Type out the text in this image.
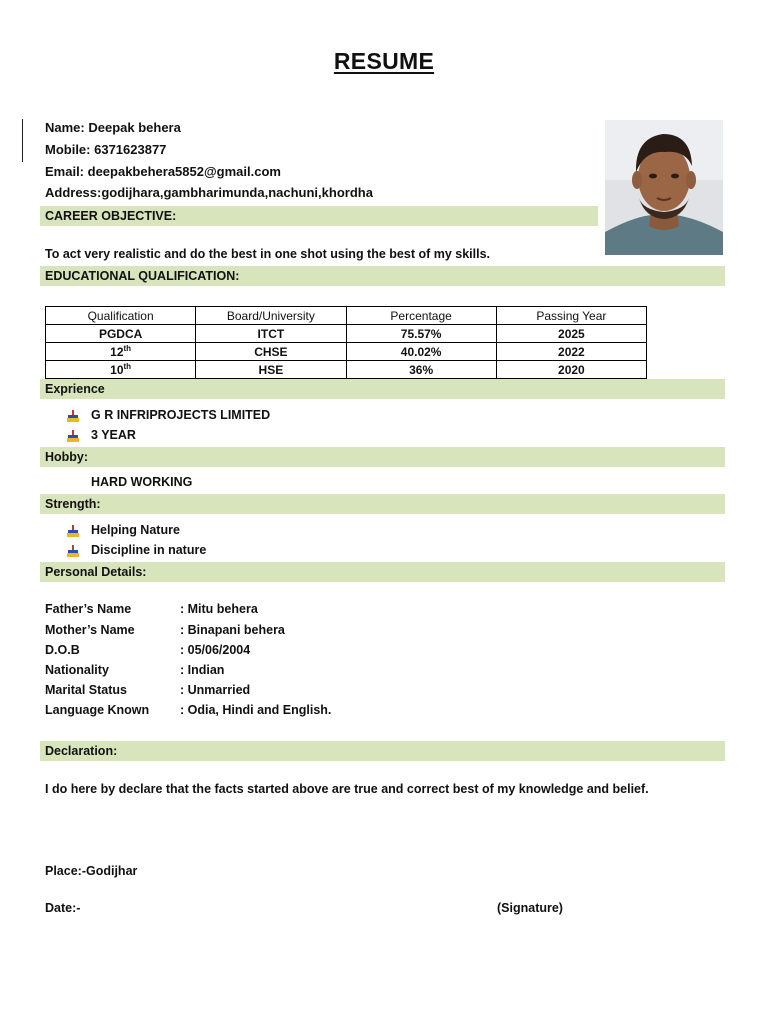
RESUME
Name: Deepak behera
Mobile: 6371623877
Email: deepakbehera5852@gmail.com
Address:godijhara,gambharimunda,nachuni,khordha
CAREER OBJECTIVE:
To act very realistic and do the best in one shot using the best of my skills.
EDUCATIONAL QUALIFICATION:
Qualification	Board/University	Percentage	Passing Year
PGDCA	ITCT	75.57%	2025
12th	CHSE	40.02%	2022
10th	HSE	36%	2020
Exprience
G R INFRIPROJECTS LIMITED
3 YEAR
Hobby:
HARD WORKING
Strength:
Helping Nature
Discipline in nature
Personal Details:
Father’s Name	: Mitu behera
Mother’s Name	: Binapani behera
D.O.B	: 05/06/2004
Nationality	: Indian
Marital Status	: Unmarried
Language Known : Odia, Hindi and English.
Declaration:
I do here by declare that the facts started above are true and correct best of my knowledge and belief.
Place:-Godijhar
Date:-	(Signature)
